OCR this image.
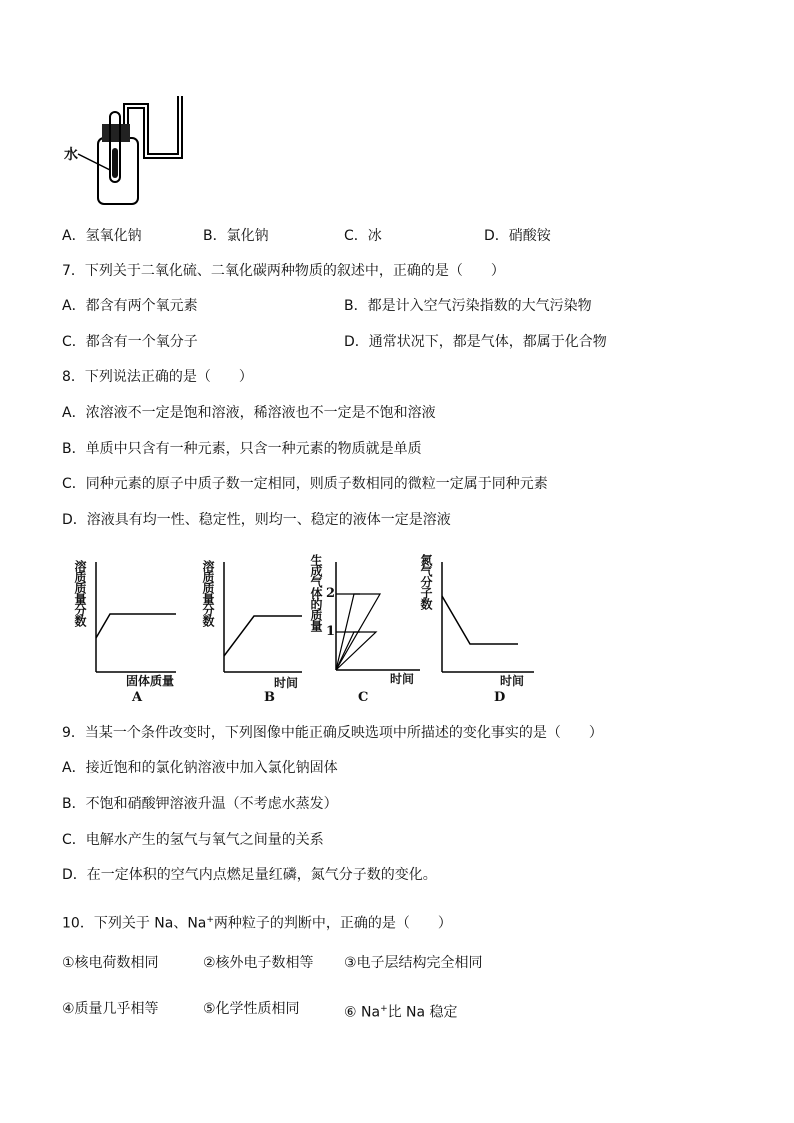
水
A．氢氧化钠	B．氯化钠	C．冰	D．硝酸铵
7．下列关于二氧化硫、二氧化碳两种物质的叙述中，正确的是（　　）
A．都含有两个氧元素	B．都是计入空气污染指数的大气污染物
C．都含有一个氧分子	D．通常状况下，都是气体，都属于化合物
8．下列说法正确的是（　　）
A．浓溶液不一定是饱和溶液，稀溶液也不一定是不饱和溶液
B．单质中只含有一种元素，只含一种元素的物质就是单质
C．同种元素的原子中质子数一定相同，则质子数相同的微粒一定属于同种元素
D．溶液具有均一性、稳定性，则均一、稳定的液体一定是溶液
溶质质量分数
固体质量
A
溶质质量分数
时间
B
生成气体的质量 2
1
时间
C
氮气分子数
时间
D
9．当某一个条件改变时，下列图像中能正确反映选项中所描述的变化事实的是（　　）
A．接近饱和的氯化钠溶液中加入氯化钠固体
B．不饱和硝酸钾溶液升温（不考虑水蒸发）
C．电解水产生的氢气与氧气之间量的关系
D．在一定体积的空气内点燃足量红磷，氮气分子数的变化。
10．下列关于 Na、Na+两种粒子的判断中，正确的是（　　）
①核电荷数相同	②核外电子数相等 ③电子层结构完全相同
④质量几乎相等	⑤化学性质相同	⑥ Na+比 Na 稳定
